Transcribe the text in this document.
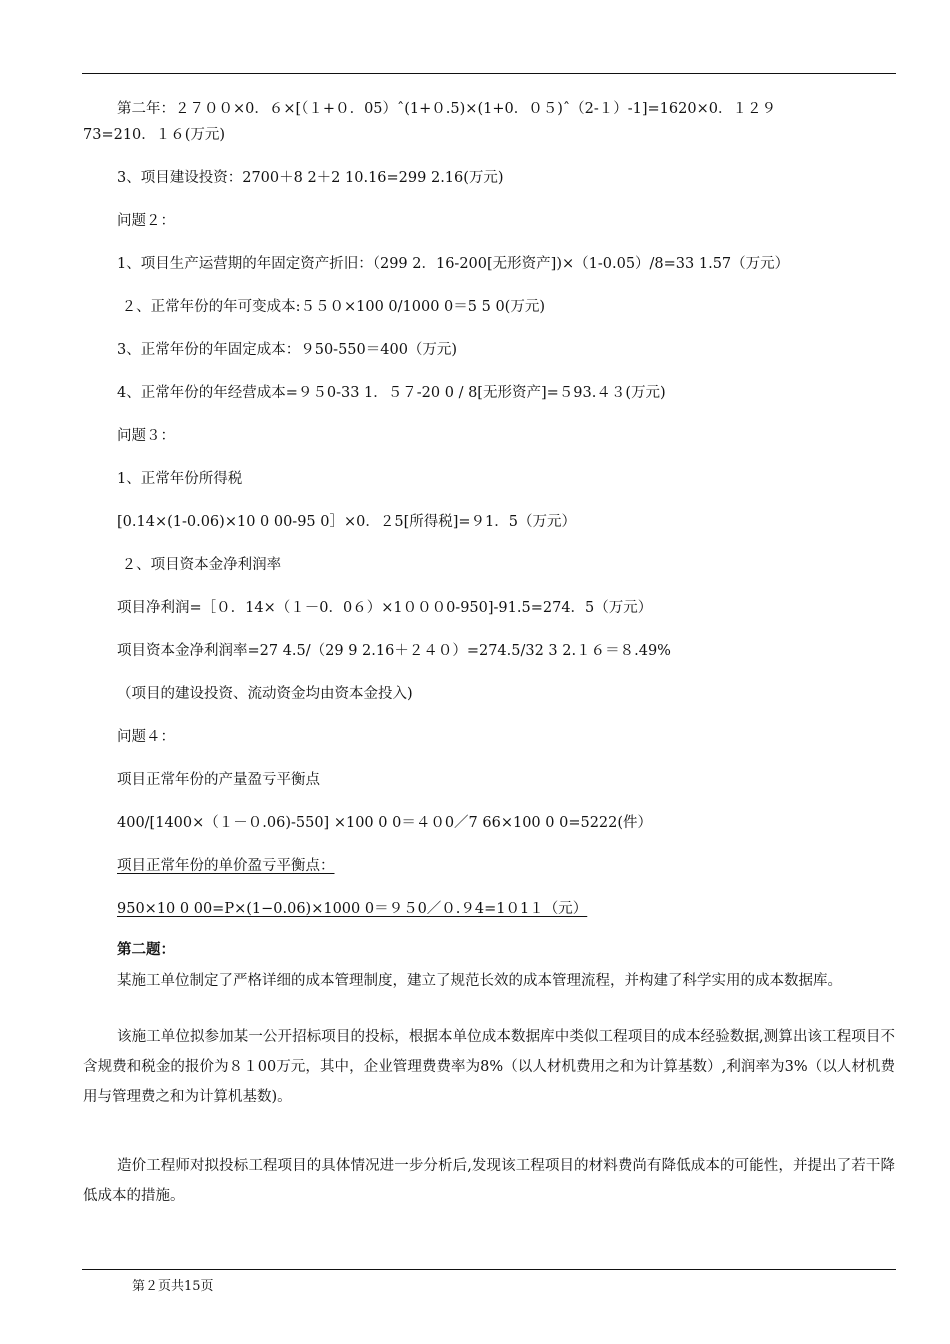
第二年：２７００×0．６×[（１+０．05）ˆ(1+０.5)×(1+0．０５)ˆ（2-１）-1]=1620×0．１２９
73=210．１６(万元)
3、项目建设投资：2700＋8 2＋2 10.16=299 2.16(万元)
问题２：
1、项目生产运营期的年固定资产折旧：（299 2．16-200[无形资产])×（1-0.05）/8=33 1.57（万元）
２、正常年份的年可变成本:５５０×100 0/1000 0＝5 5 0(万元)
3、正常年份的年固定成本：９50-550＝400（万元)
4、正常年份的年经营成本=９５0-33 1．５７-20 0 / 8[无形资产]=５93.４３(万元)
问题３：
1、正常年份所得税
[0.14×(1-0.06)×10 0 00-95 0］×0．２5[所得税]=９1．5（万元）
２、项目资本金净利润率
项目净利润=［０．14×（１－0．0６）×1０００0-950]-91.5=274．5（万元）
项目资本金净利润率=27 4.5/（29 9 2.16＋２４０）=274.5/32 3 2.１６＝８.49%
（项目的建设投资、流动资金均由资本金投入)
问题４：
项目正常年份的产量盈亏平衡点
400/[1400×（１－０.06)-550] ×100 0 0＝４０0／7 66×100 0 0=5222(件）
项目正常年份的单价盈亏平衡点：
950×10 0 00=P×(1−0.06)×1000 0＝９５0／０.９4=1０1１（元）
第二题：
某施工单位制定了严格详细的成本管理制度，建立了规范长效的成本管理流程，并构建了科学实用的成本数据库。
该施工单位拟参加某一公开招标项目的投标，根据本单位成本数据库中类似工程项目的成本经验数据,测算出该工程项目不含规费和税金的报价为８１00万元，其中，企业管理费费率为8%（以人材机费用之和为计算基数）,利润率为3%（以人材机费用与管理费之和为计算机基数)。
造价工程师对拟投标工程项目的具体情况进一步分析后,发现该工程项目的材料费尚有降低成本的可能性，并提出了若干降低成本的措施。
第２页共15页
